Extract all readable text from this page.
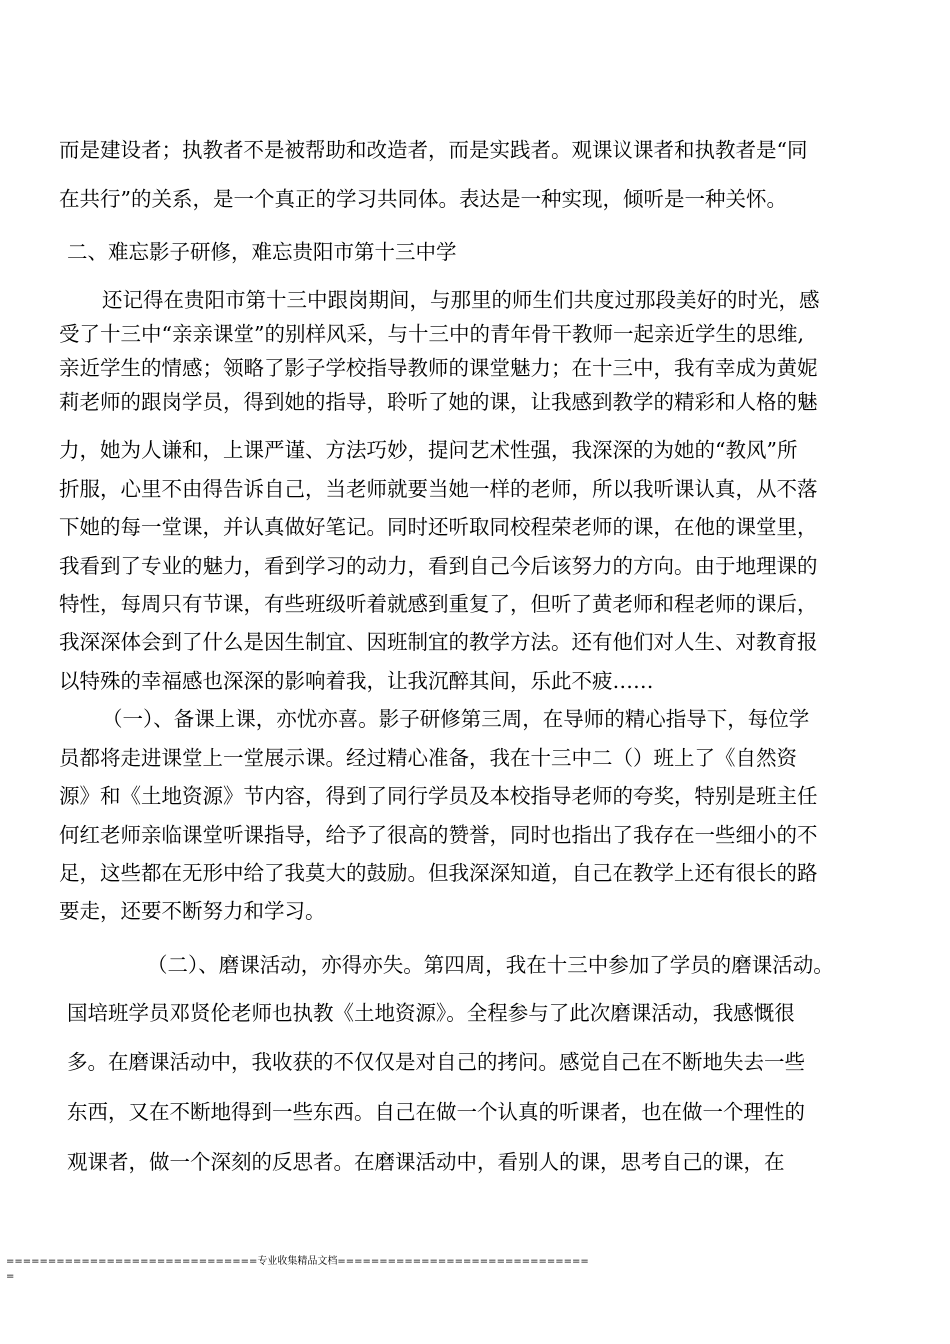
而是建设者；执教者不是被帮助和改造者，而是实践者。观课议课者和执教者是“同

在共行”的关系，是一个真正的学习共同体。表达是一种实现，倾听是一种关怀。

二、难忘影子研修，难忘贵阳市第十三中学

还记得在贵阳市第十三中跟岗期间，与那里的师生们共度过那段美好的时光，感

受了十三中“亲亲课堂”的别样风采，与十三中的青年骨干教师一起亲近学生的思维,

亲近学生的情感；领略了影子学校指导教师的课堂魅力；在十三中，我有幸成为黄妮

莉老师的跟岗学员，得到她的指导，聆听了她的课，让我感到教学的精彩和人格的魅

力，她为人谦和，上课严谨、方法巧妙，提问艺术性强，我深深的为她的“教风”所

折服，心里不由得告诉自己，当老师就要当她一样的老师，所以我听课认真，从不落

下她的每一堂课，并认真做好笔记。同时还听取同校程荣老师的课，在他的课堂里，

我看到了专业的魅力，看到学习的动力，看到自己今后该努力的方向。由于地理课的

特性，每周只有节课，有些班级听着就感到重复了，但听了黄老师和程老师的课后，

我深深体会到了什么是因生制宜、因班制宜的教学方法。还有他们对人生、对教育报

以特殊的幸福感也深深的影响着我，让我沉醉其间，乐此不疲……

（一）、备课上课，亦忧亦喜。影子研修第三周，在导师的精心指导下，每位学

员都将走进课堂上一堂展示课。经过精心准备，我在十三中二（）班上了《自然资

源》和《土地资源》节内容，得到了同行学员及本校指导老师的夸奖，特别是班主任

何红老师亲临课堂听课指导，给予了很高的赞誉，同时也指出了我存在一些细小的不

足，这些都在无形中给了我莫大的鼓励。但我深深知道，自己在教学上还有很长的路

要走，还要不断努力和学习。

（二）、磨课活动，亦得亦失。第四周，我在十三中参加了学员的磨课活动。

国培班学员邓贤伦老师也执教《土地资源》。全程参与了此次磨课活动，我感慨很

多。在磨课活动中，我收获的不仅仅是对自己的拷问。感觉自己在不断地失去一些

东西，又在不断地得到一些东西。自己在做一个认真的听课者，也在做一个理性的

观课者，做一个深刻的反思者。在磨课活动中，看别人的课，思考自己的课，在

==============================专业收集精品文档==============================
=
